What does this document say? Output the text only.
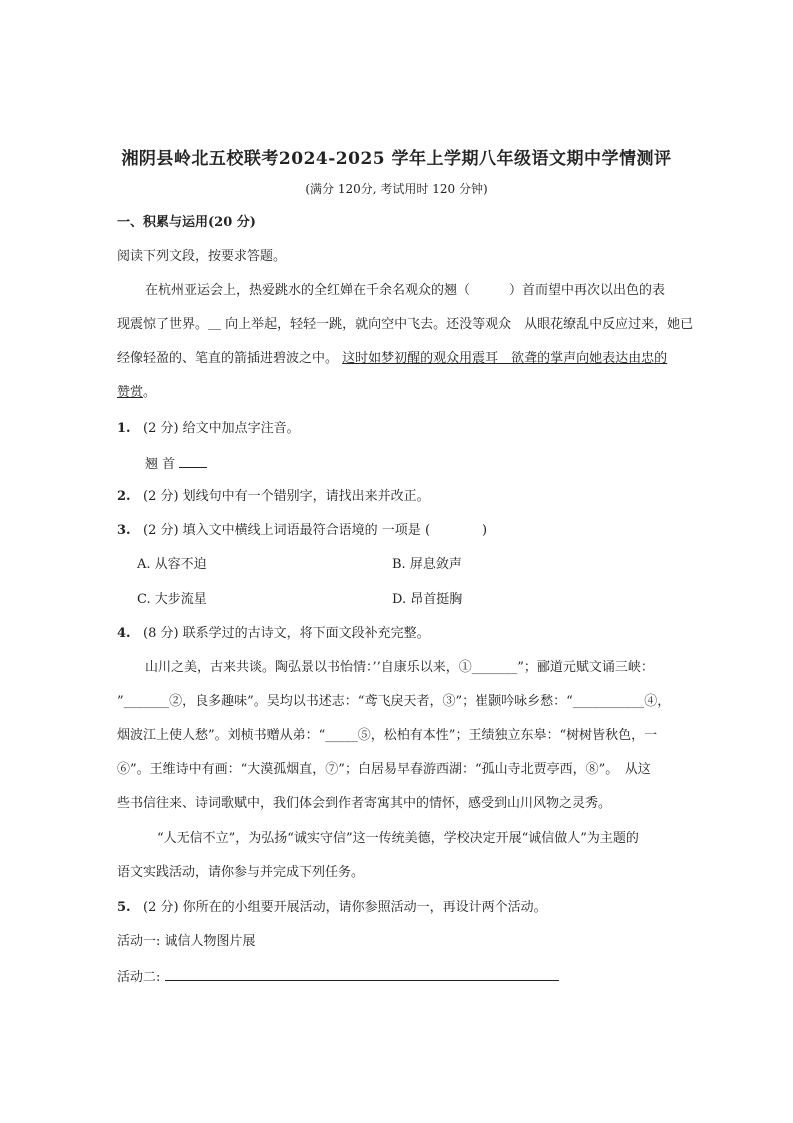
湘阴县岭北五校联考2024-2025 学年上学期八年级语文期中学情测评
(满分 120分, 考试用时 120 分钟)
一、积累与运用(20 分)
阅读下列文段，按要求答题。
在杭州亚运会上，热爱跳水的全红婵在千余名观众的翘（　　　）首而望中再次以出色的表
现震惊了世界。＿ 向上举起，轻轻一跳，就向空中飞去。还没等观众　从眼花缭乱中反应过来，她已
经像轻盈的、笔直的箭插进碧波之中。 这时如梦初醒的观众用震耳　欲聋的掌声向她表达由忠的
赞赏。
1. (2 分) 给文中加点字注音。
翘 首
2. (2 分) 划线句中有一个错别字，请找出来并改正。
3. (2 分) 填入文中横线上词语最符合语境的 一项是 (　　　　)
A. 从容不迫	B. 屏息敛声
C. 大步流星	D. 昂首挺胸
4. (8 分) 联系学过的古诗文，将下面文段补充完整。
山川之美，古来共谈。陶弘景以书怡情：’’自康乐以来，①_______”；郦道元赋文诵三峡：
”_______②，良多趣味”。吴均以书述志：“鸢飞戾天者，③”；崔颢吟咏乡愁：“___________④，
烟波江上使人愁”。刘桢书赠从弟：“_____⑤，松柏有本性”；王绩独立东皋：“树树皆秋色，一
⑥”。王维诗中有画：“大漠孤烟直，⑦”；白居易早春游西湖：“孤山寺北贾亭西，⑧”。　从这
些书信往来、诗词歌赋中，我们体会到作者寄寓其中的情怀，感受到山川风物之灵秀。
“人无信不立”，为弘扬“诚实守信”这一传统美德，学校决定开展“诚信做人”为主题的
语文实践活动，请你参与并完成下列任务。
5. (2 分) 你所在的小组要开展活动，请你参照活动一，再设计两个活动。
活动一: 诚信人物图片展
活动二:
